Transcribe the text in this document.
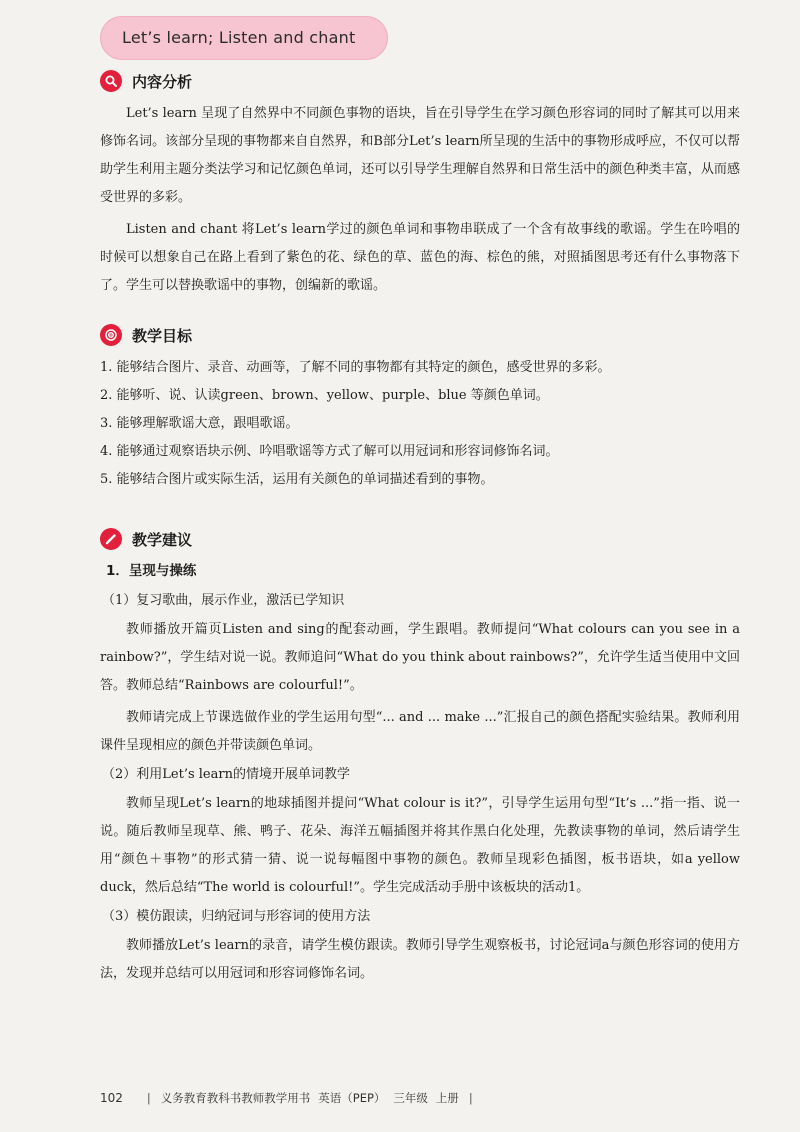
Let’s learn; Listen and chant
内容分析

Let’s learn 呈现了自然界中不同颜色事物的语块，旨在引导学生在学习颜色形容词的同时了解其可以用来修饰名词。该部分呈现的事物都来自自然界，和B部分Let’s learn所呈现的生活中的事物形成呼应，不仅可以帮助学生利用主题分类法学习和记忆颜色单词，还可以引导学生理解自然界和日常生活中的颜色种类丰富，从而感受世界的多彩。

Listen and chant 将Let’s learn学过的颜色单词和事物串联成了一个含有故事线的歌谣。学生在吟唱的时候可以想象自己在路上看到了紫色的花、绿色的草、蓝色的海、棕色的熊，对照插图思考还有什么事物落下了。学生可以替换歌谣中的事物，创编新的歌谣。

教学目标

1. 能够结合图片、录音、动画等，了解不同的事物都有其特定的颜色，感受世界的多彩。

2. 能够听、说、认读green、brown、yellow、purple、blue 等颜色单词。

3. 能够理解歌谣大意，跟唱歌谣。

4. 能够通过观察语块示例、吟唱歌谣等方式了解可以用冠词和形容词修饰名词。

5. 能够结合图片或实际生活，运用有关颜色的单词描述看到的事物。

教学建议

1．呈现与操练

（1）复习歌曲，展示作业，激活已学知识

教师播放开篇页Listen and sing的配套动画，学生跟唱。教师提问“What colours can you see in a rainbow?”，学生结对说一说。教师追问“What do you think about rainbows?”，允许学生适当使用中文回答。教师总结“Rainbows are colourful!”。

教师请完成上节课选做作业的学生运用句型“... and ... make ...”汇报自己的颜色搭配实验结果。教师利用课件呈现相应的颜色并带读颜色单词。

（2）利用Let’s learn的情境开展单词教学

教师呈现Let’s learn的地球插图并提问“What colour is it?”，引导学生运用句型“It’s ...”指一指、说一说。随后教师呈现草、熊、鸭子、花朵、海洋五幅插图并将其作黑白化处理，先教读事物的单词，然后请学生用“颜色＋事物”的形式猜一猜、说一说每幅图中事物的颜色。教师呈现彩色插图，板书语块，如a yellow duck，然后总结“The world is colourful!”。学生完成活动手册中该板块的活动1。

（3）模仿跟读，归纳冠词与形容词的使用方法

教师播放Let’s learn的录音，请学生模仿跟读。教师引导学生观察板书，讨论冠词a与颜色形容词的使用方法，发现并总结可以用冠词和形容词修饰名词。

102 | 义务教育教科书教师教学用书 英语（PEP） 三年级 上册 |
